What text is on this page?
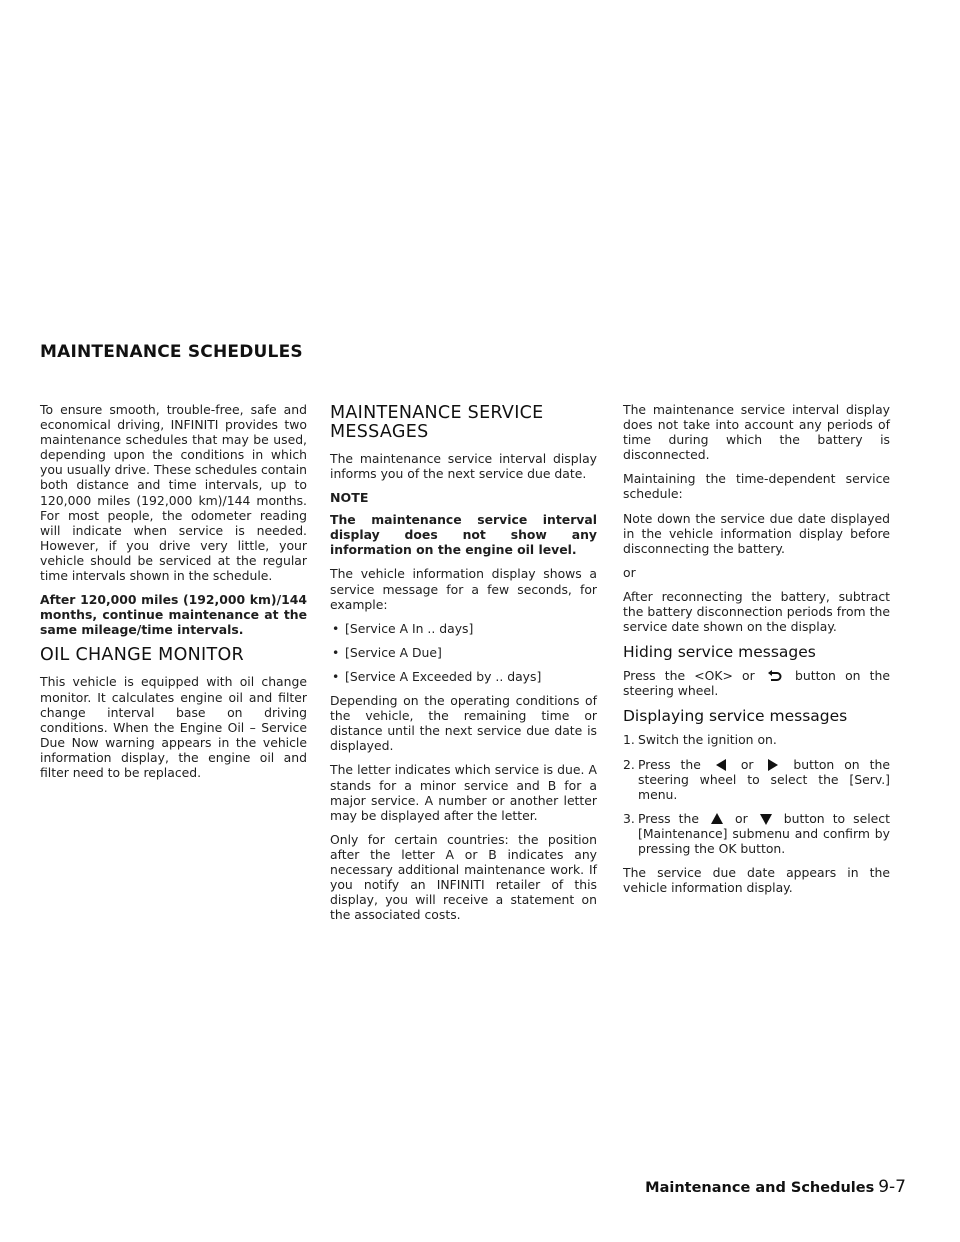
MAINTENANCE SCHEDULES

To ensure smooth, trouble-free, safe and economical driving, INFINITI provides two maintenance schedules that may be used, depending upon the conditions in which you usually drive. These schedules contain both distance and time intervals, up to 120,000 miles (192,000 km)/144 months. For most people, the odometer reading will indicate when service is needed. However, if you drive very little, your vehicle should be serviced at the regular time intervals shown in the schedule.

After 120,000 miles (192,000 km)/144 months, continue maintenance at the same mileage/time intervals.

OIL CHANGE MONITOR

This vehicle is equipped with oil change monitor. It calculates engine oil and filter change interval base on driving conditions. When the Engine Oil – Service Due Now warning appears in the vehicle information display, the engine oil and filter need to be replaced.

MAINTENANCE SERVICE MESSAGES

The maintenance service interval display informs you of the next service due date.

NOTE

The maintenance service interval display does not show any information on the engine oil level.

The vehicle information display shows a service message for a few seconds, for example:

• [Service A In .. days]
• [Service A Due]
• [Service A Exceeded by .. days]

Depending on the operating conditions of the vehicle, the remaining time or distance until the next service due date is displayed.

The letter indicates which service is due. A stands for a minor service and B for a major service. A number or another letter may be displayed after the letter.

Only for certain countries: the position after the letter A or B indicates any necessary additional maintenance work. If you notify an INFINITI retailer of this display, you will receive a statement on the associated costs.

The maintenance service interval display does not take into account any periods of time during which the battery is disconnected.

Maintaining the time-dependent service schedule:

Note down the service due date displayed in the vehicle information display before disconnecting the battery.

or

After reconnecting the battery, subtract the battery disconnection periods from the service date shown on the display.

Hiding service messages

Press the <OK> or	button on the steering wheel.

Displaying service messages
1. Switch the ignition on.
2. Press the	or	button on the steering wheel to select the [Serv.] menu.
3. Press the	or	button to select [Maintenance] submenu and confirm by pressing the OK button.

The service due date appears in the vehicle information display.

Maintenance and Schedules 9-7
